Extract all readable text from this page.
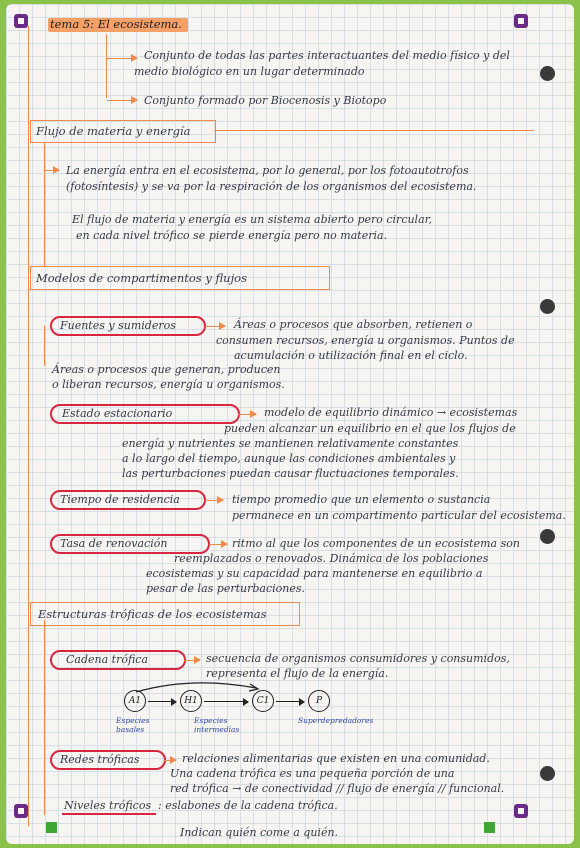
tema 5: El ecosistema.
Conjunto de todas las partes interactuantes del medio físico y del
medio biológico en un lugar determinado
Conjunto formado por Biocenosis y Biotopo
Flujo de materia y energía
La energía entra en el ecosistema, por lo general, por los fotoautotrofos
(fotosíntesis) y se va por la respiración de los organismos del ecosistema.
El flujo de materia y energía es un sistema abierto pero circular,
en cada nivel trófico se pierde energía pero no materia.
Modelos de compartimentos y flujos
Fuentes y sumideros	Áreas o procesos que absorben, retienen o
consumen recursos, energía u organismos. Puntos de
acumulación o utilización final en el ciclo.
Áreas o procesos que generan, producen
o liberan recursos, energía u organismos.
Estado estacionario	modelo de equilibrio dinámico → ecosistemas
pueden alcanzar un equilibrio en el que los flujos de
energía y nutrientes se mantienen relativamente constantes
a lo largo del tiempo, aunque las condiciones ambientales y
las perturbaciones puedan causar fluctuaciones temporales.
Tiempo de residencia	tiempo promedio que un elemento o sustancia
permanece en un compartimento particular del ecosistema.
Tasa de renovación	ritmo al que los componentes de un ecosistema son
reemplazados o renovados. Dinámica de los poblaciones
ecosistemas y su capacidad para mantenerse en equilibrio a
pesar de las perturbaciones.
Estructuras tróficas de los ecosistemas
Cadena trófica	secuencia de organismos consumidores y consumidos,
representa el flujo de la energía.
A1	H1	C1	P
Especies basales
Especies intermedias
Superdepredadores
Redes tróficas	relaciones alimentarias que existen en una comunidad.
Una cadena trófica es una pequeña porción de una
red trófica → de conectividad // flujo de energía // funcional.
Niveles tróficos : eslabones de la cadena trófica.
Indican quién come a quién.
